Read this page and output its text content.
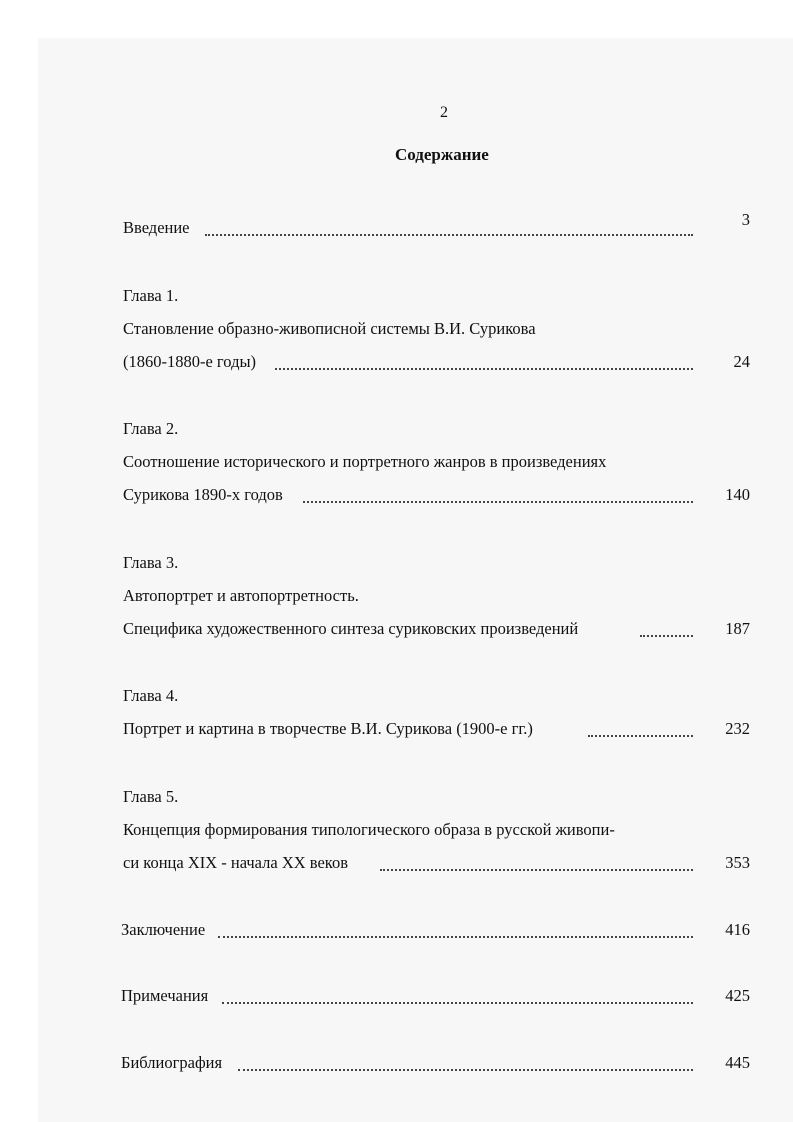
2
Содержание
Введение	3
Глава 1.
Становление образно-живописной системы В.И. Сурикова
(1860-1880-е годы)	24
Глава 2.
Соотношение исторического и портретного жанров в произведениях
Сурикова 1890-х годов	140
Глава 3.
Автопортрет и автопортретность.
Специфика художественного синтеза суриковских произведений	187
Глава 4.
Портрет и картина в творчестве В.И. Сурикова (1900-е гг.)	232
Глава 5.
Концепция формирования типологического образа в русской живопи-
си конца XIX - начала XX веков	353
Заключение	416
Примечания	425
Библиография	445
